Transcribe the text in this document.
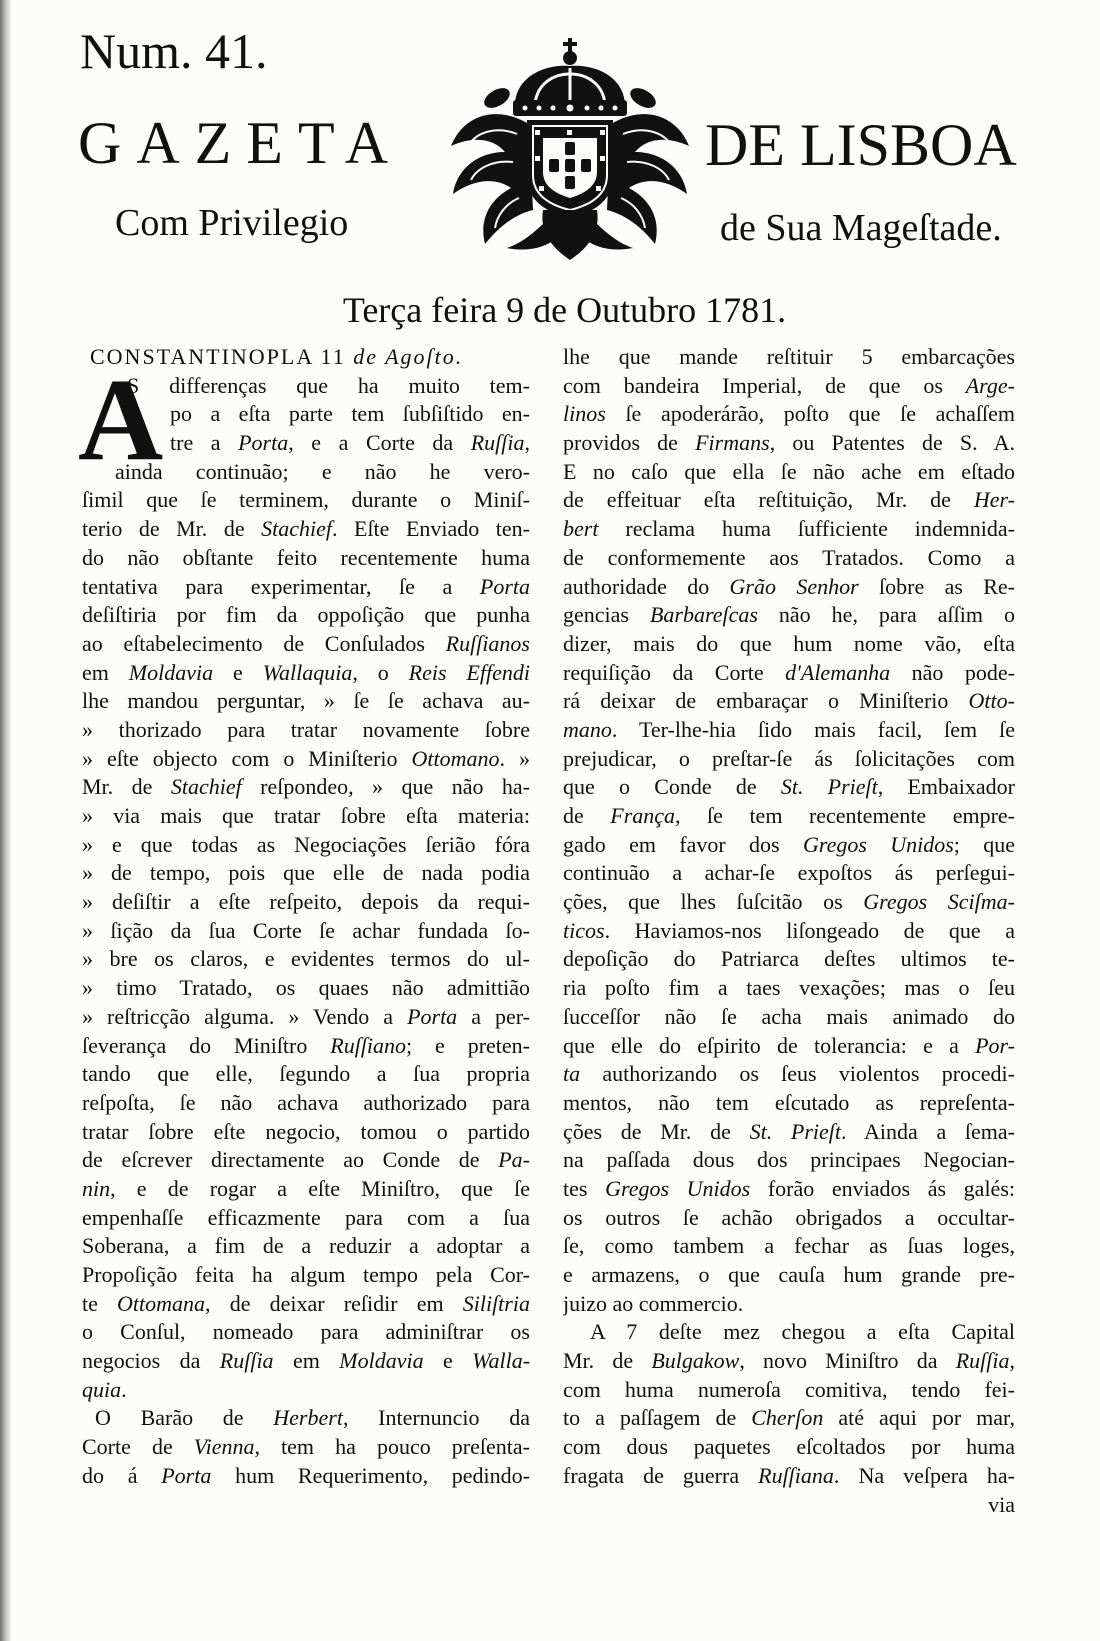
Num. 41.
GAZETA	DE LISBOA
Com Privilegio	de Sua Mageſtade.
Terça feira 9 de Outubro 1781.
A
CONSTANTINOPLA 11 de Agoſto.
S differenças que ha muito tem-
po a eſta parte tem ſubſiſtido en-
tre a Porta, e a Corte da Ruſſia,
ainda continuão; e não he vero-
ſimil que ſe terminem, durante o Miniſ-
terio de Mr. de Stachief. Eſte Enviado ten-
do não obſtante feito recentemente huma
tentativa para experimentar, ſe a Porta
deſiſtiria por fim da oppoſição que punha
ao eſtabelecimento de Conſulados Ruſſianos
em Moldavia e Wallaquia, o Reis Effendi
lhe mandou perguntar, » ſe ſe achava au-
» thorizado para tratar novamente ſobre
» eſte objecto com o Miniſterio Ottomano. »
Mr. de Stachief reſpondeo, » que não ha-
» via mais que tratar ſobre eſta materia:
» e que todas as Negociações ſerião fóra
» de tempo, pois que elle de nada podia
» deſiſtir a eſte reſpeito, depois da requi-
» ſição da ſua Corte ſe achar fundada ſo-
» bre os claros, e evidentes termos do ul-
» timo Tratado, os quaes não admittião
» reſtricção alguma. » Vendo a Porta a per-
ſeverança do Miniſtro Ruſſiano; e preten-
tando que elle, ſegundo a ſua propria
reſpoſta, ſe não achava authorizado para
tratar ſobre eſte negocio, tomou o partido
de eſcrever directamente ao Conde de Pa-
nin, e de rogar a eſte Miniſtro, que ſe
empenhaſſe efficazmente para com a ſua
Soberana, a fim de a reduzir a adoptar a
Propoſição feita ha algum tempo pela Cor-
te Ottomana, de deixar reſidir em Siliſtria
o Conſul, nomeado para adminiſtrar os
negocios da Ruſſia em Moldavia e Walla-
quia.
O Barão de Herbert, Internuncio da
Corte de Vienna, tem ha pouco preſenta-
do á Porta hum Requerimento, pedindo-
lhe que mande reſtituir 5 embarcações
com bandeira Imperial, de que os Arge-
linos ſe apoderárão, poſto que ſe achaſſem
providos de Firmans, ou Patentes de S. A.
E no caſo que ella ſe não ache em eſtado
de effeituar eſta reſtituição, Mr. de Her-
bert reclama huma ſufficiente indemnida-
de conformemente aos Tratados. Como a
authoridade do Grão Senhor ſobre as Re-
gencias Barbareſcas não he, para aſſim o
dizer, mais do que hum nome vão, eſta
requiſição da Corte d'Alemanha não pode-
rá deixar de embaraçar o Miniſterio Otto-
mano. Ter-lhe-hia ſido mais facil, ſem ſe
prejudicar, o preſtar-ſe ás ſolicitações com
que o Conde de St. Prieſt, Embaixador
de França, ſe tem recentemente empre-
gado em favor dos Gregos Unidos; que
continuão a achar-ſe expoſtos ás perſegui-
ções, que lhes ſuſcitão os Gregos Sciſma-
ticos. Haviamos-nos liſongeado de que a
depoſição do Patriarca deſtes ultimos te-
ria poſto fim a taes vexações; mas o ſeu
ſucceſſor não ſe acha mais animado do
que elle do eſpirito de tolerancia: e a Por-
ta authorizando os ſeus violentos procedi-
mentos, não tem eſcutado as repreſenta-
ções de Mr. de St. Prieſt. Ainda a ſema-
na paſſada dous dos principaes Negocian-
tes Gregos Unidos forão enviados ás galés:
os outros ſe achão obrigados a occultar-
ſe, como tambem a fechar as ſuas loges,
e armazens, o que cauſa hum grande pre-
juizo ao commercio.
A 7 deſte mez chegou a eſta Capital
Mr. de Bulgakow, novo Miniſtro da Ruſſia,
com huma numeroſa comitiva, tendo fei-
to a paſſagem de Cherſon até aqui por mar,
com dous paquetes eſcoltados por huma
fragata de guerra Ruſſiana. Na veſpera ha-
via
